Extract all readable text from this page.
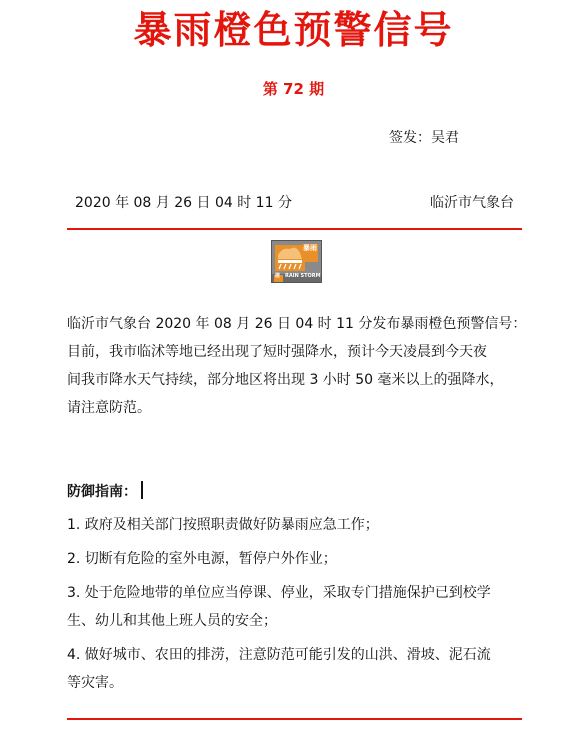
暴雨橙色预警信号
第 72 期
签发：吴君
2020 年 08 月 26 日 04 时 11 分	临沂市气象台
暴雨
橙 RAIN STORM
临沂市气象台 2020 年 08 月 26 日 04 时 11 分发布暴雨橙色预警信号：
目前，我市临沭等地已经出现了短时强降水，预计今天凌晨到今天夜
间我市降水天气持续，部分地区将出现 3 小时 50 毫米以上的强降水，
请注意防范。
防御指南：
1. 政府及相关部门按照职责做好防暴雨应急工作；
2. 切断有危险的室外电源，暂停户外作业；
3. 处于危险地带的单位应当停课、停业，采取专门措施保护已到校学
生、幼儿和其他上班人员的安全；
4. 做好城市、农田的排涝，注意防范可能引发的山洪、滑坡、泥石流
等灾害。
